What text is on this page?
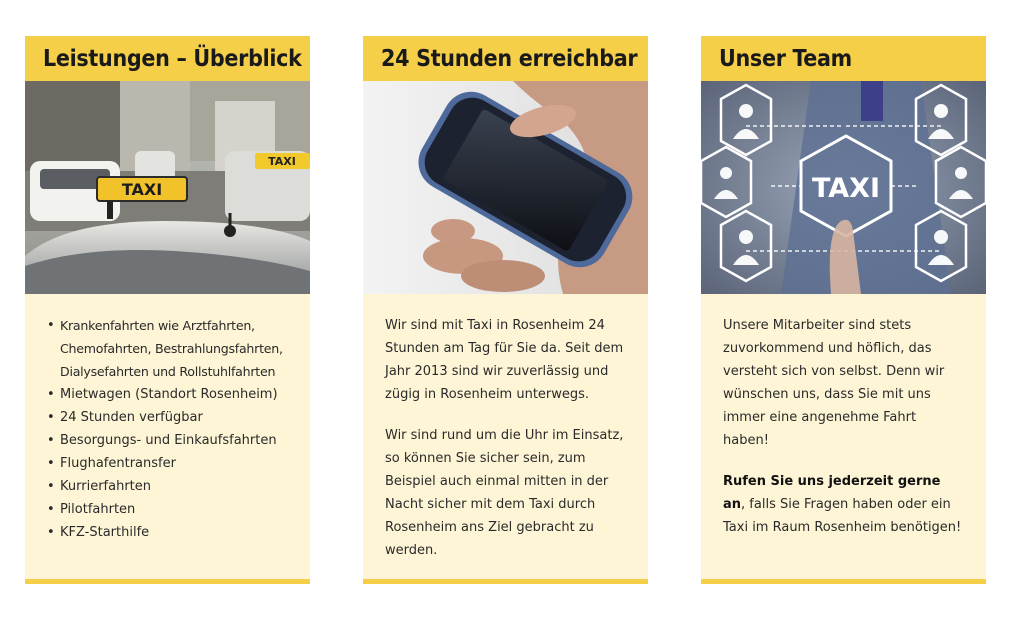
Leistungen – Überblick
TAXI
TAXI
• Krankenfahrten wie Arztfahrten, Chemofahrten, Bestrahlungsfahrten, Dialysefahrten und Rollstuhlfahrten
• Mietwagen (Standort Rosenheim)
• 24 Stunden verfügbar
• Besorgungs- und Einkaufsfahrten
• Flughafentransfer
• Kurrierfahrten
• Pilotfahrten
• KFZ-Starthilfe
24 Stunden erreichbar

Wir sind mit Taxi in Rosenheim 24 Stunden am Tag für Sie da. Seit dem Jahr 2013 sind wir zuverlässig und zügig in Rosenheim unterwegs.

Wir sind rund um die Uhr im Einsatz, so können Sie sicher sein, zum Beispiel auch einmal mitten in der Nacht sicher mit dem Taxi durch Rosenheim ans Ziel gebracht zu werden.

Unser Team
TAXI

Unsere Mitarbeiter sind stets zuvorkommend und höflich, das versteht sich von selbst. Denn wir wünschen uns, dass Sie mit uns immer eine angenehme Fahrt haben!

Rufen Sie uns jederzeit gerne an, falls Sie Fragen haben oder ein Taxi im Raum Rosenheim benötigen!
